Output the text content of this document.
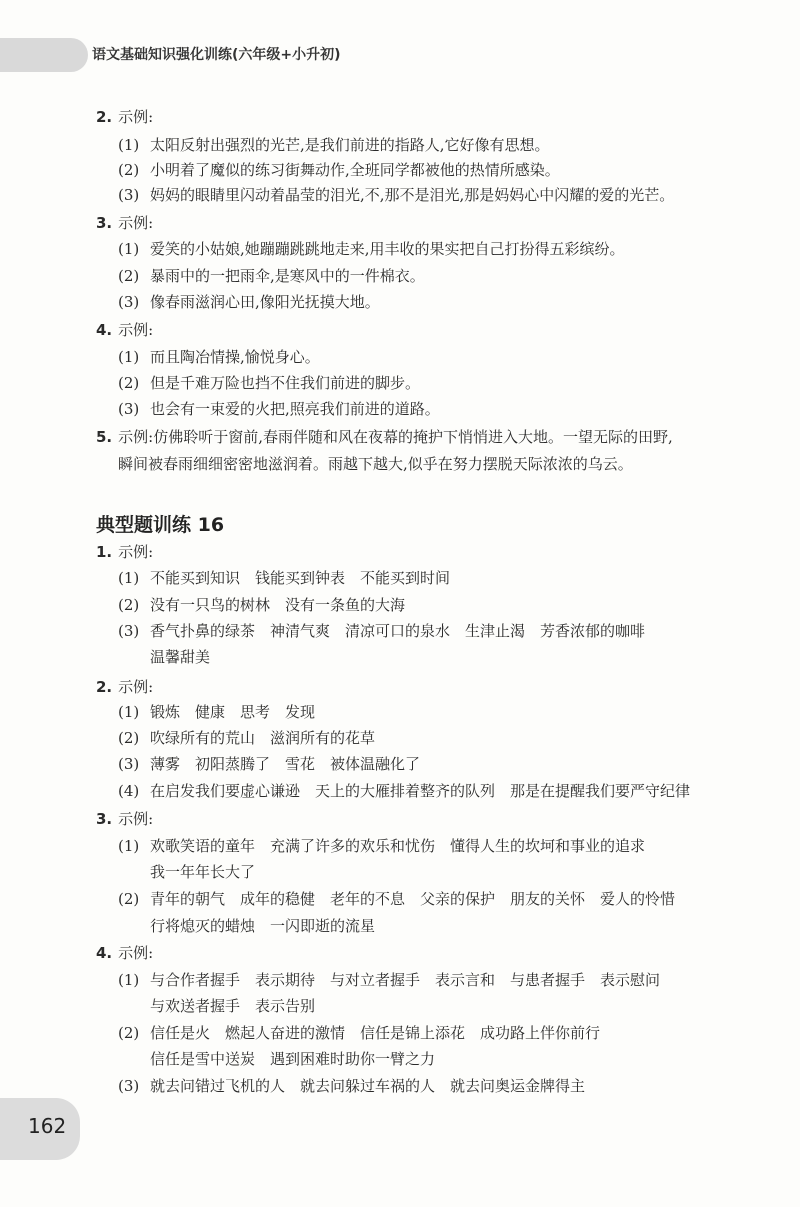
语文基础知识强化训练(六年级+小升初)
2. 示例:
(1) 太阳反射出强烈的光芒,是我们前进的指路人,它好像有思想。
(2) 小明着了魔似的练习街舞动作,全班同学都被他的热情所感染。
(3) 妈妈的眼睛里闪动着晶莹的泪光,不,那不是泪光,那是妈妈心中闪耀的爱的光芒。
3. 示例:
(1) 爱笑的小姑娘,她蹦蹦跳跳地走来,用丰收的果实把自己打扮得五彩缤纷。
(2) 暴雨中的一把雨伞,是寒风中的一件棉衣。
(3) 像春雨滋润心田,像阳光抚摸大地。
4. 示例:
(1) 而且陶冶情操,愉悦身心。
(2) 但是千难万险也挡不住我们前进的脚步。
(3) 也会有一束爱的火把,照亮我们前进的道路。
5. 示例:仿佛聆听于窗前,春雨伴随和风在夜幕的掩护下悄悄进入大地。一望无际的田野,
瞬间被春雨细细密密地滋润着。雨越下越大,似乎在努力摆脱天际浓浓的乌云。
典型题训练 16
1. 示例:
(1) 不能买到知识　钱能买到钟表　不能买到时间
(2) 没有一只鸟的树林　没有一条鱼的大海
(3) 香气扑鼻的绿茶　神清气爽　清凉可口的泉水　生津止渴　芳香浓郁的咖啡
温馨甜美
2. 示例:
(1) 锻炼　健康　思考　发现
(2) 吹绿所有的荒山　滋润所有的花草
(3) 薄雾　初阳蒸腾了　雪花　被体温融化了
(4) 在启发我们要虚心谦逊　天上的大雁排着整齐的队列　那是在提醒我们要严守纪律
3. 示例:
(1) 欢歌笑语的童年　充满了许多的欢乐和忧伤　懂得人生的坎坷和事业的追求
我一年年长大了
(2) 青年的朝气　成年的稳健　老年的不息　父亲的保护　朋友的关怀　爱人的怜惜
行将熄灭的蜡烛　一闪即逝的流星
4. 示例:
(1) 与合作者握手　表示期待　与对立者握手　表示言和　与患者握手　表示慰问
与欢送者握手　表示告别
(2) 信任是火　燃起人奋进的激情　信任是锦上添花　成功路上伴你前行
信任是雪中送炭　遇到困难时助你一臂之力
(3) 就去问错过飞机的人　就去问躲过车祸的人　就去问奥运金牌得主
162
